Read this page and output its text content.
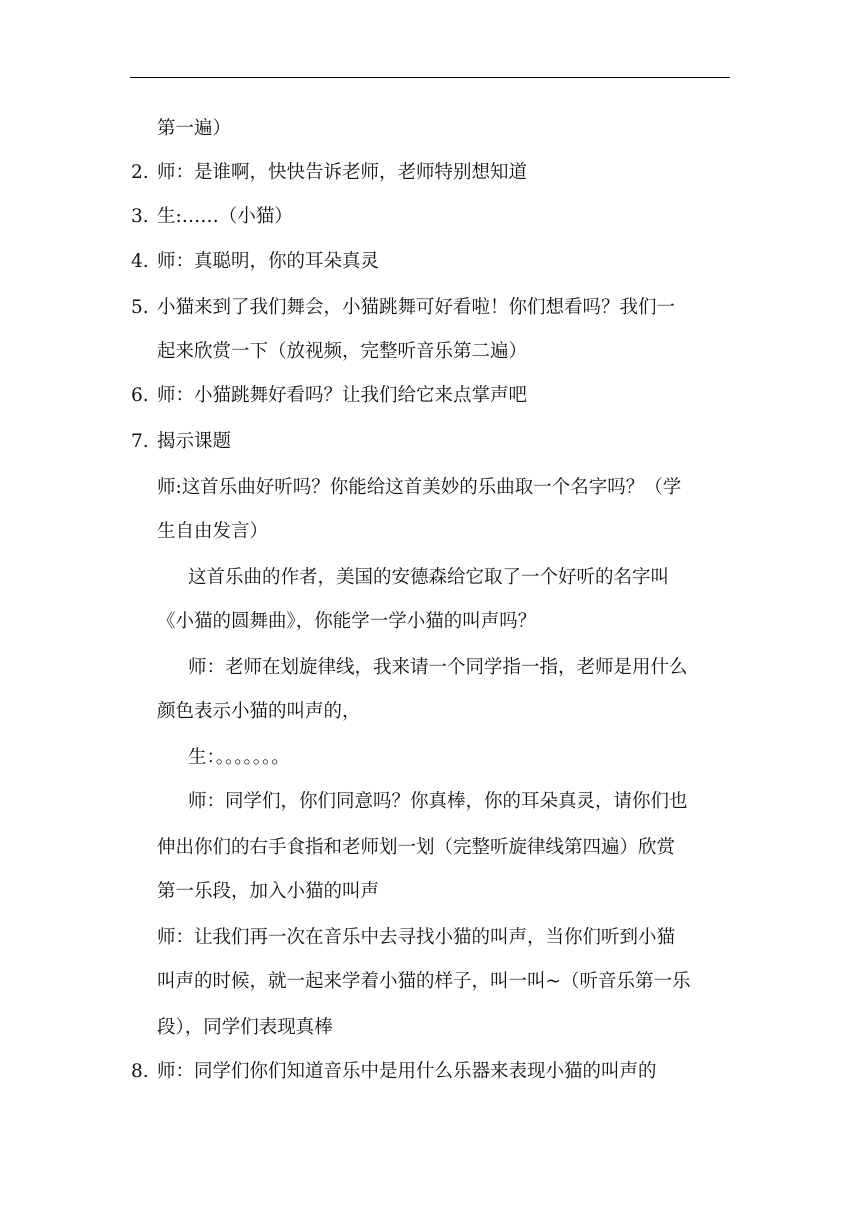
第一遍）
2. 师：是谁啊，快快告诉老师，老师特别想知道
3. 生:……（小猫）
4. 师：真聪明，你的耳朵真灵
5. 小猫来到了我们舞会，小猫跳舞可好看啦！你们想看吗？我们一
起来欣赏一下（放视频，完整听音乐第二遍）
6. 师：小猫跳舞好看吗？让我们给它来点掌声吧
7. 揭示课题
师:这首乐曲好听吗？你能给这首美妙的乐曲取一个名字吗？（学
生自由发言）
这首乐曲的作者，美国的安德森给它取了一个好听的名字叫
《小猫的圆舞曲》，你能学一学小猫的叫声吗？
师：老师在划旋律线，我来请一个同学指一指，老师是用什么
颜色表示小猫的叫声的，
生：。。。。。。。
师：同学们，你们同意吗？你真棒，你的耳朵真灵，请你们也
伸出你们的右手食指和老师划一划（完整听旋律线第四遍）欣赏
第一乐段，加入小猫的叫声
师：让我们再一次在音乐中去寻找小猫的叫声，当你们听到小猫
叫声的时候，就一起来学着小猫的样子，叫一叫~（听音乐第一乐
段），同学们表现真棒
8. 师：同学们你们知道音乐中是用什么乐器来表现小猫的叫声的
